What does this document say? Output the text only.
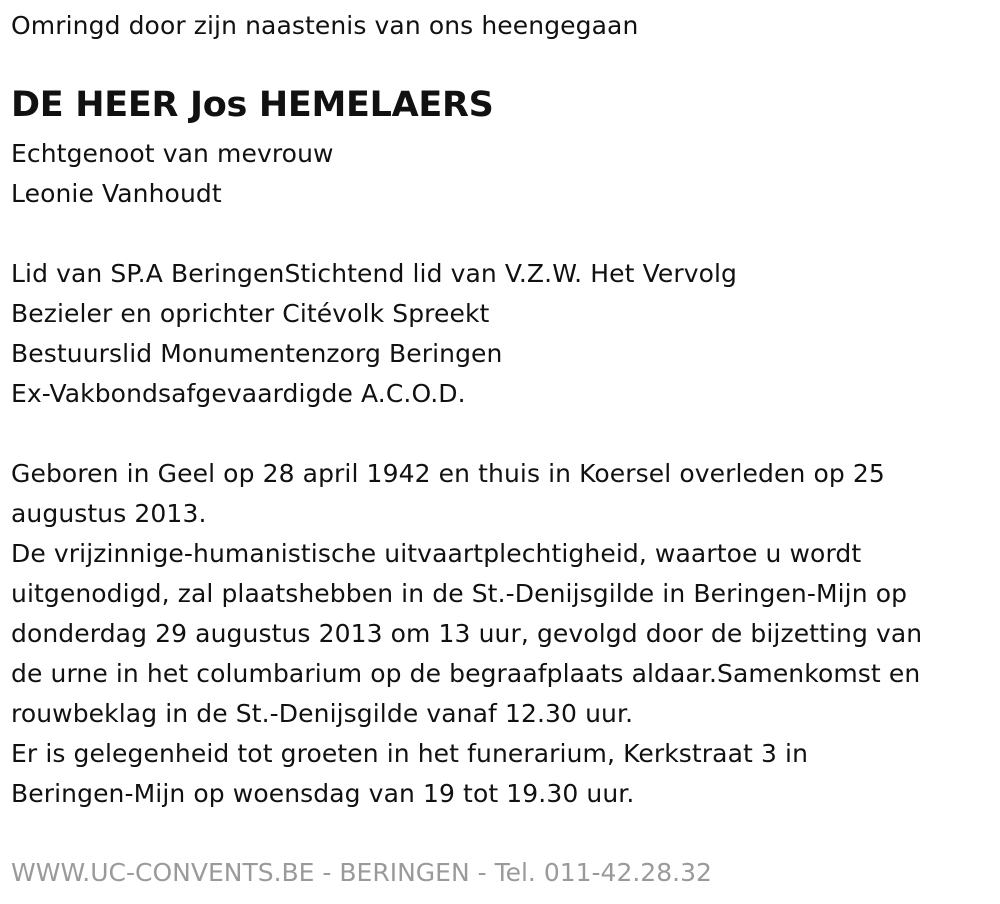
Omringd door zijn naastenis van ons heengegaan
DE HEER Jos HEMELAERS
Echtgenoot van mevrouw
Leonie Vanhoudt
Lid van SP.A BeringenStichtend lid van V.Z.W. Het Vervolg
Bezieler en oprichter Citévolk Spreekt
Bestuurslid Monumentenzorg Beringen
Ex-Vakbondsafgevaardigde A.C.O.D.
Geboren in Geel op 28 april 1942 en thuis in Koersel overleden op 25
augustus 2013.
De vrijzinnige-humanistische uitvaartplechtigheid, waartoe u wordt
uitgenodigd, zal plaatshebben in de St.-Denijsgilde in Beringen-Mijn op
donderdag 29 augustus 2013 om 13 uur, gevolgd door de bijzetting van
de urne in het columbarium op de begraafplaats aldaar.Samenkomst en
rouwbeklag in de St.-Denijsgilde vanaf 12.30 uur.
Er is gelegenheid tot groeten in het funerarium, Kerkstraat 3 in
Beringen-Mijn op woensdag van 19 tot 19.30 uur.
WWW.UC-CONVENTS.BE - BERINGEN - Tel. 011-42.28.32
